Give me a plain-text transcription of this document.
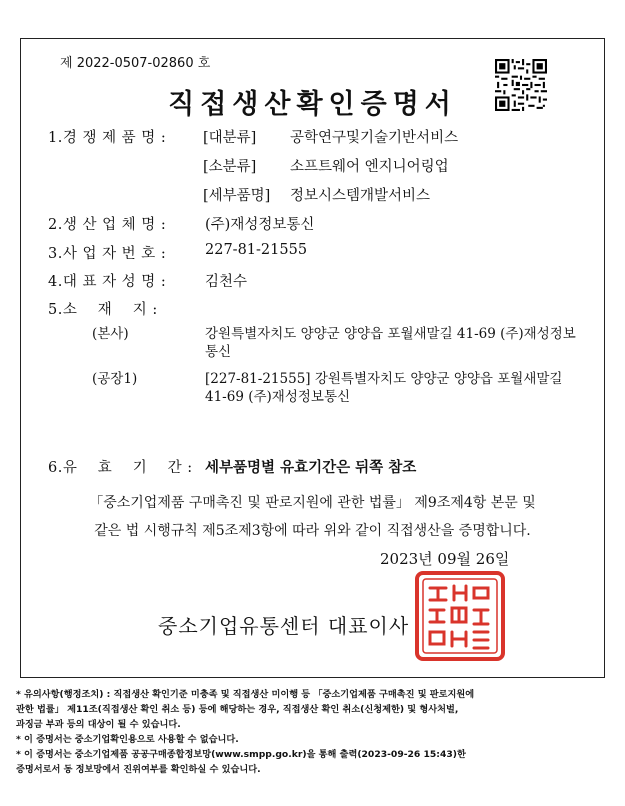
제 2022-0507-02860 호
직접생산확인증명서
1.경 쟁 제 품 명 :	[대분류] 공학연구및기술기반서비스
[소분류] 소프트웨어 엔지니어링업
[세부품명] 정보시스템개발서비스
2.생 산 업 체 명 :	(주)재성정보통신
3.사 업 자 번 호 :	227-81-21555
4.대 표 자 성 명 :	김천수
5.소    재    지 :
(본사)	강원특별자치도 양양군 양양읍 포월새말길 41-69 (주)재성정보
통신
(공장1)	[227-81-21555] 강원특별자치도 양양군 양양읍 포월새말길
41-69 (주)재성정보통신
6.유    효    기    간 : 세부품명별 유효기간은 뒤쪽 참조
「중소기업제품 구매촉진 및 판로지원에 관한 법률」 제9조제4항 본문 및
같은 법 시행규칙 제5조제3항에 따라 위와 같이 직접생산을 증명합니다.
2023년 09월 26일
중소기업유통센터 대표이사
* 유의사항(행정조치) : 직접생산 확인기준 미충족 및 직접생산 미이행 등 「중소기업제품 구매촉진 및 판로지원에
관한 법률」 제11조(직접생산 확인 취소 등) 등에 해당하는 경우, 직접생산 확인 취소(신청제한) 및 형사처벌,
과징금 부과 등의 대상이 될 수 있습니다.
* 이 증명서는 중소기업확인용으로 사용할 수 없습니다.
* 이 증명서는 중소기업제품 공공구매종합정보망(www.smpp.go.kr)을 통해 출력(2023-09-26 15:43)한
증명서로서 동 정보망에서 진위여부를 확인하실 수 있습니다.
